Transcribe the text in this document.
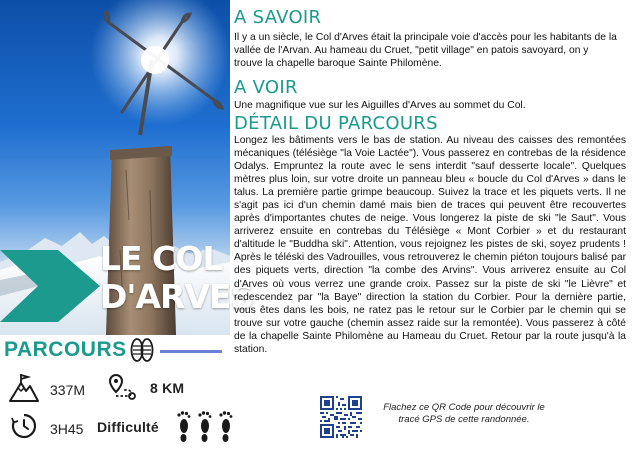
LE COL
D'ARVES
PARCOURS
337M	8 KM
3H45 Difficulté
A SAVOIR

Il y a un siècle, le Col d'Arves était la principale voie d'accès pour les habitants de la vallée de l'Arvan. Au hameau du Cruet, "petit village" en patois savoyard, on y trouve la chapelle baroque Sainte Philomène.

A VOIR

Une magnifique vue sur les Aiguilles d'Arves au sommet du Col.

DÉTAIL DU PARCOURS

Longez les bâtiments vers le bas de station. Au niveau des caisses des remontées mécaniques (télésiège "la Voie Lactée"). Vous passerez en contrebas de la résidence Odalys. Empruntez la route avec le sens interdit "sauf desserte locale". Quelques mètres plus loin, sur votre droite un panneau bleu « boucle du Col d'Arves » dans le talus. La première partie grimpe beaucoup. Suivez la trace et les piquets verts. Il ne s'agit pas ici d'un chemin damé mais bien de traces qui peuvent être recouvertes après d'importantes chutes de neige. Vous longerez la piste de ski "le Saut". Vous arriverez ensuite en contrebas du Télésiège « Mont Corbier » et du restaurant d'altitude le "Buddha ski". Attention, vous rejoignez les pistes de ski, soyez prudents ! Après le téléski des Vadrouilles, vous retrouverez le chemin piéton toujours balisé par des piquets verts, direction "la combe des Arvins". Vous arriverez ensuite au Col d'Arves où vous verrez une grande croix. Passez sur la piste de ski "le Lièvre" et redescendez par "la Baye" direction la station du Corbier. Pour la dernière partie, vous êtes dans les bois, ne ratez pas le retour sur le Corbier par le chemin qui se trouve sur votre gauche (chemin assez raide sur la remontée). Vous passerez à côté de la chapelle Sainte Philomène au Hameau du Cruet. Retour par la route jusqu'à la station.

Flachez ce QR Code pour découvrir le tracé GPS de cette randonnée.
